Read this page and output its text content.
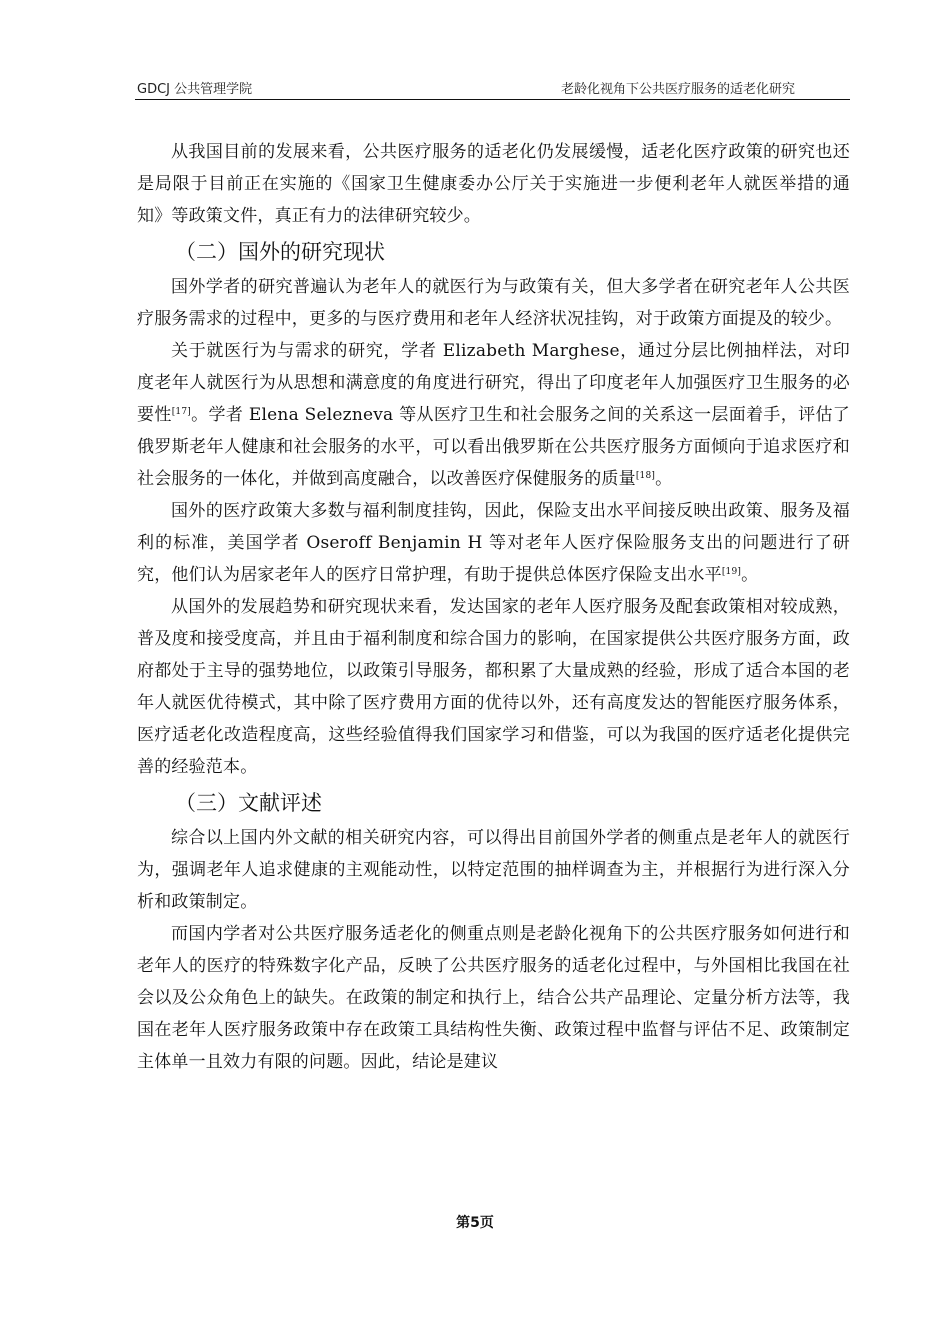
GDCJ 公共管理学院	老龄化视角下公共医疗服务的适老化研究

从我国目前的发展来看，公共医疗服务的适老化仍发展缓慢，适老化医疗政策的研究也还是局限于目前正在实施的《国家卫生健康委办公厅关于实施进一步便利老年人就医举措的通知》等政策文件，真正有力的法律研究较少。

（二）国外的研究现状

国外学者的研究普遍认为老年人的就医行为与政策有关，但大多学者在研究老年人公共医疗服务需求的过程中，更多的与医疗费用和老年人经济状况挂钩，对于政策方面提及的较少。

关于就医行为与需求的研究，学者 Elizabeth Marghese，通过分层比例抽样法，对印度老年人就医行为从思想和满意度的角度进行研究，得出了印度老年人加强医疗卫生服务的必要性[17]。学者 Elena Selezneva 等从医疗卫生和社会服务之间的关系这一层面着手，评估了俄罗斯老年人健康和社会服务的水平，可以看出俄罗斯在公共医疗服务方面倾向于追求医疗和社会服务的一体化，并做到高度融合，以改善医疗保健服务的质量[18]。

国外的医疗政策大多数与福利制度挂钩，因此，保险支出水平间接反映出政策、服务及福利的标准，美国学者 Oseroff Benjamin H 等对老年人医疗保险服务支出的问题进行了研究，他们认为居家老年人的医疗日常护理，有助于提供总体医疗保险支出水平[19]。

从国外的发展趋势和研究现状来看，发达国家的老年人医疗服务及配套政策相对较成熟，普及度和接受度高，并且由于福利制度和综合国力的影响，在国家提供公共医疗服务方面，政府都处于主导的强势地位，以政策引导服务，都积累了大量成熟的经验，形成了适合本国的老年人就医优待模式，其中除了医疗费用方面的优待以外，还有高度发达的智能医疗服务体系，医疗适老化改造程度高，这些经验值得我们国家学习和借鉴，可以为我国的医疗适老化提供完善的经验范本。

（三）文献评述

综合以上国内外文献的相关研究内容，可以得出目前国外学者的侧重点是老年人的就医行为，强调老年人追求健康的主观能动性，以特定范围的抽样调查为主，并根据行为进行深入分析和政策制定。

而国内学者对公共医疗服务适老化的侧重点则是老龄化视角下的公共医疗服务如何进行和老年人的医疗的特殊数字化产品，反映了公共医疗服务的适老化过程中，与外国相比我国在社会以及公众角色上的缺失。在政策的制定和执行上，结合公共产品理论、定量分析方法等，我国在老年人医疗服务政策中存在政策工具结构性失衡、政策过程中监督与评估不足、政策制定主体单一且效力有限的问题。因此，结论是建议

第5页
